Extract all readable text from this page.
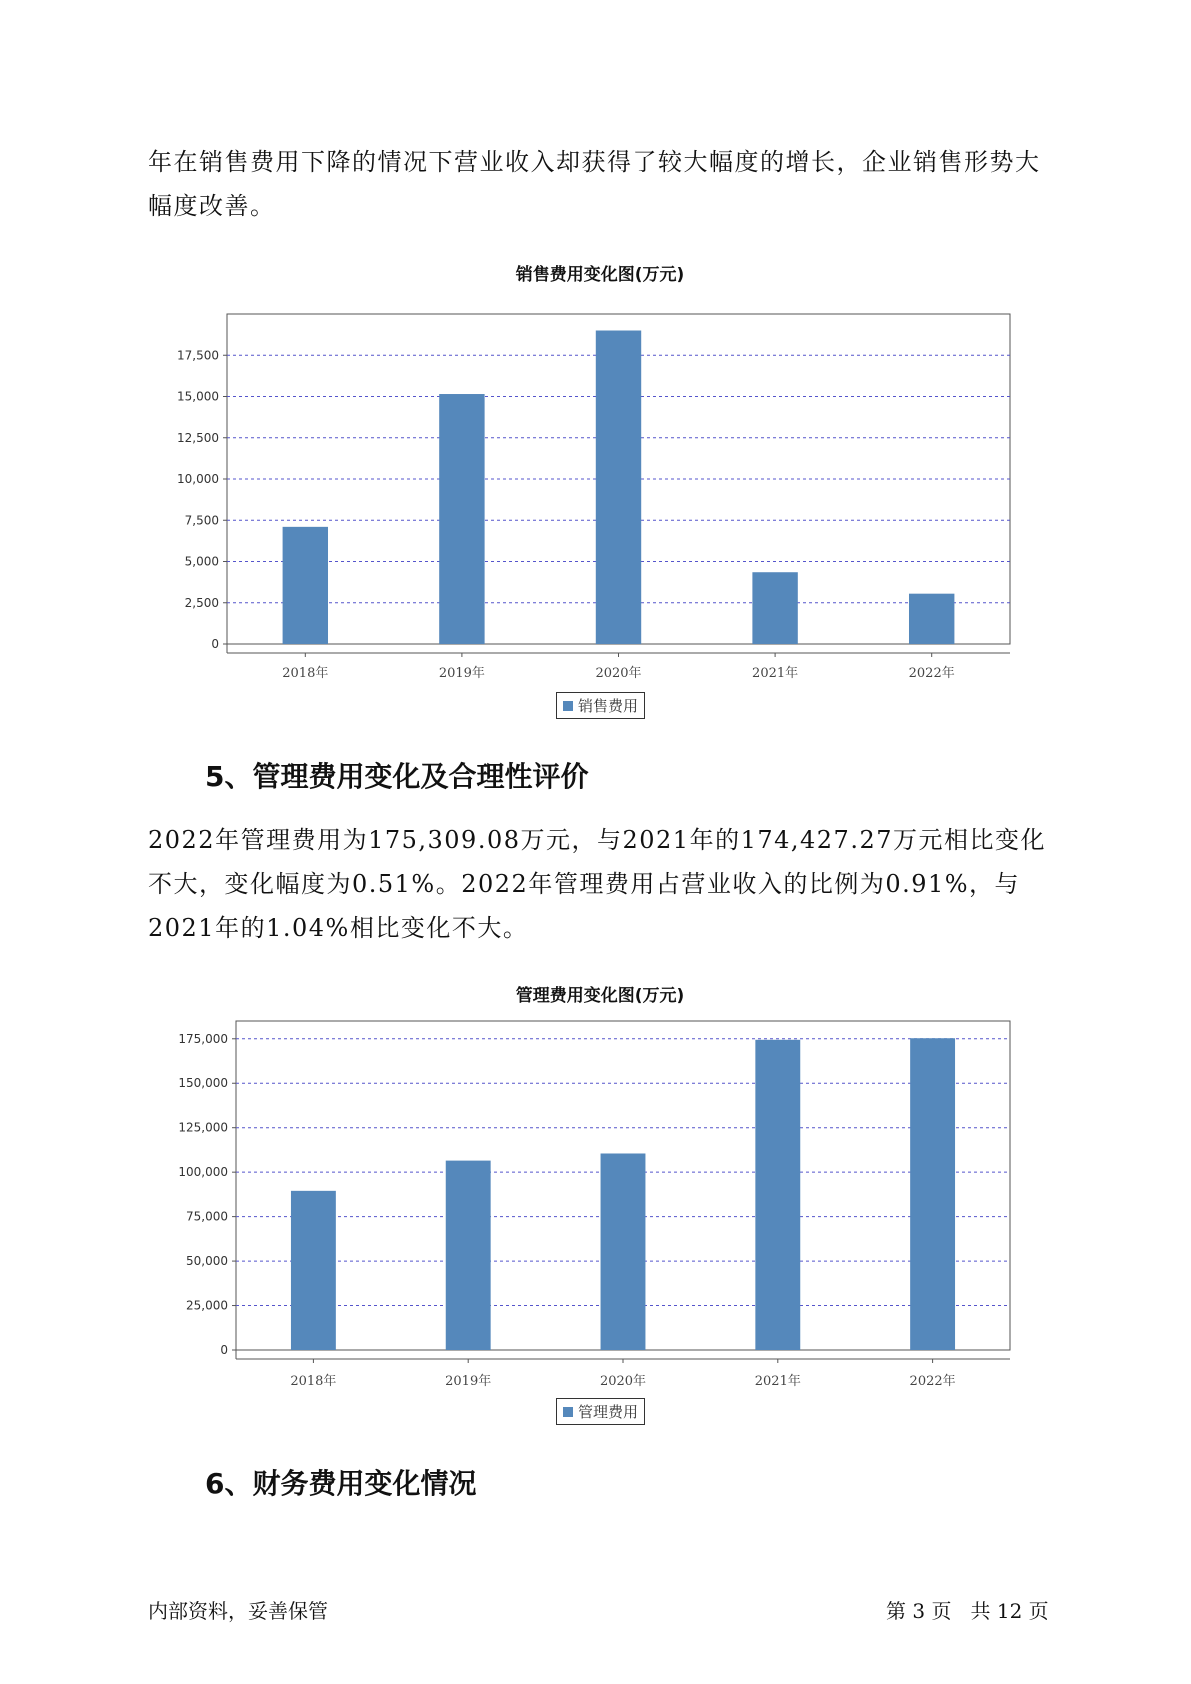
年在销售费用下降的情况下营业收入却获得了较大幅度的增长，企业销售形势大幅度改善。

销售费用变化图(万元)
0
2,500
5,000
7,500
10,000
12,500
15,000
17,500
2018年	2019年	2020年	2021年	2022年
销售费用
5、管理费用变化及合理性评价

2022年管理费用为175,309.08万元，与2021年的174,427.27万元相比变化不大，变化幅度为0.51%。2022年管理费用占营业收入的比例为0.91%，与2021年的1.04%相比变化不大。

管理费用变化图(万元)
0
25,000
50,000
75,000
100,000
125,000
150,000
175,000
2018年	2019年	2020年	2021年	2022年
管理费用
6、财务费用变化情况
内部资料，妥善保管	第 3 页   共 12 页
